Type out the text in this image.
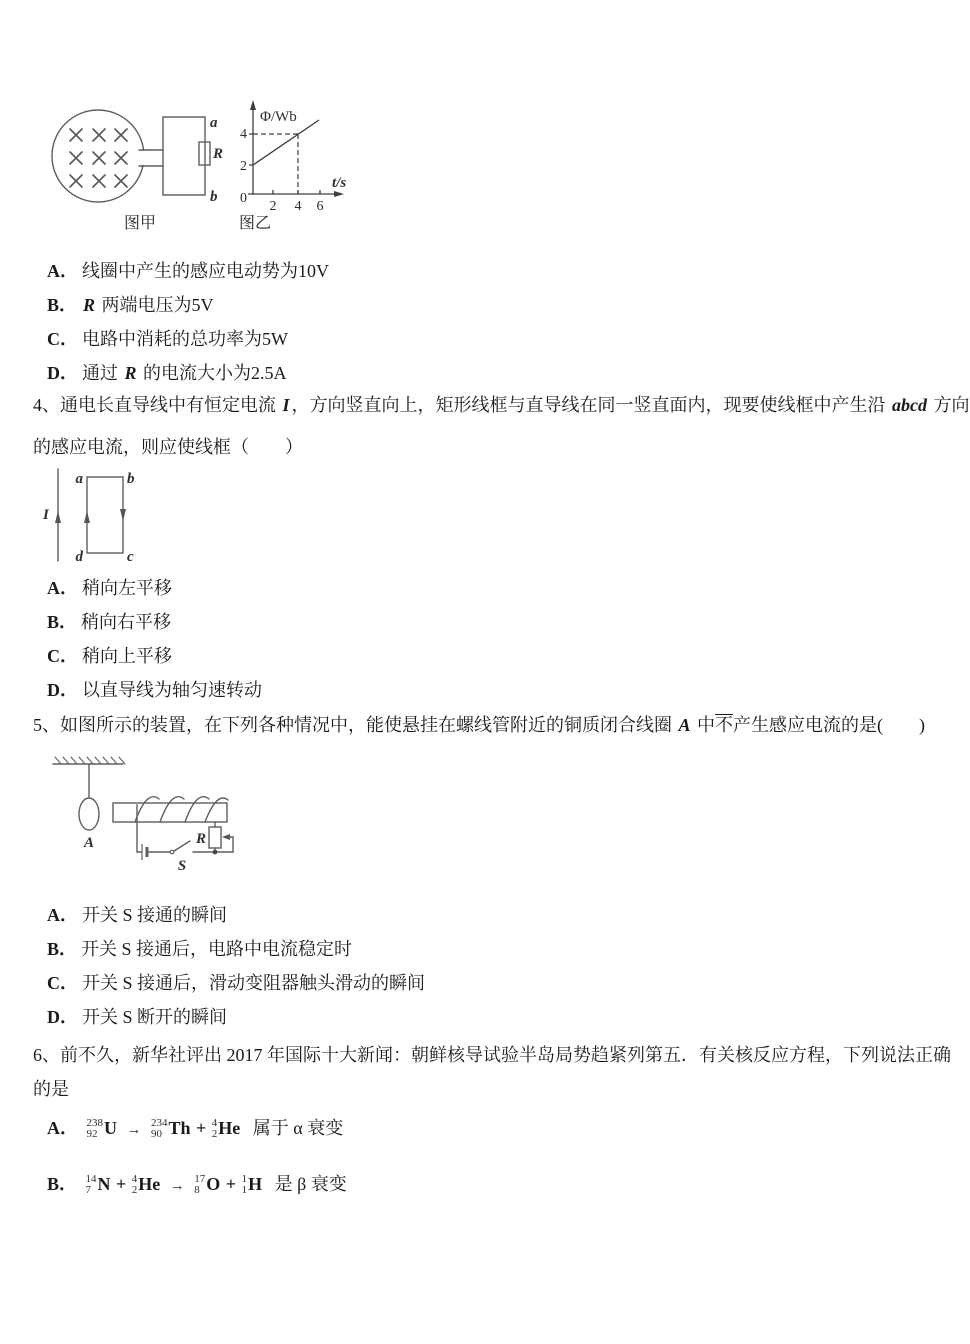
a
R
b
图甲
4
2
0
2 4 6
Φ/Wb
t/s
图乙
A． 线圈中产生的感应电动势为10V
B． R 两端电压为5V
C． 电路中消耗的总功率为5W
D． 通过 R 的电流大小为2.5A
4、通电长直导线中有恒定电流 I ，方向竖直向上，矩形线框与直导线在同一竖直面内，现要使线框中产生沿 abcd 方向
的感应电流，则应使线框（　　）
I
a	b
d	c
A． 稍向左平移
B． 稍向右平移
C． 稍向上平移
D． 以直导线为轴匀速转动
5、如图所示的装置，在下列各种情况中，能使悬挂在螺线管附近的铜质闭合线圈 A 中不产生感应电流的是(　　)
A
S
R
A． 开关 S 接通的瞬间
B． 开关 S 接通后，电路中电流稳定时
C． 开关 S 接通后，滑动变阻器触头滑动的瞬间
D． 开关 S 断开的瞬间
6、前不久，新华社评出 2017 年国际十大新闻：朝鲜核导试验半岛局势趋紧列第五．有关核反应方程，下列说法正确
的是
A． 238
92 U → 234
90 Th + 4
2 He 属于 α 衰变
B． 14
7 N + 4
2 He → 17
8 O + 1
1 H 是 β 衰变
